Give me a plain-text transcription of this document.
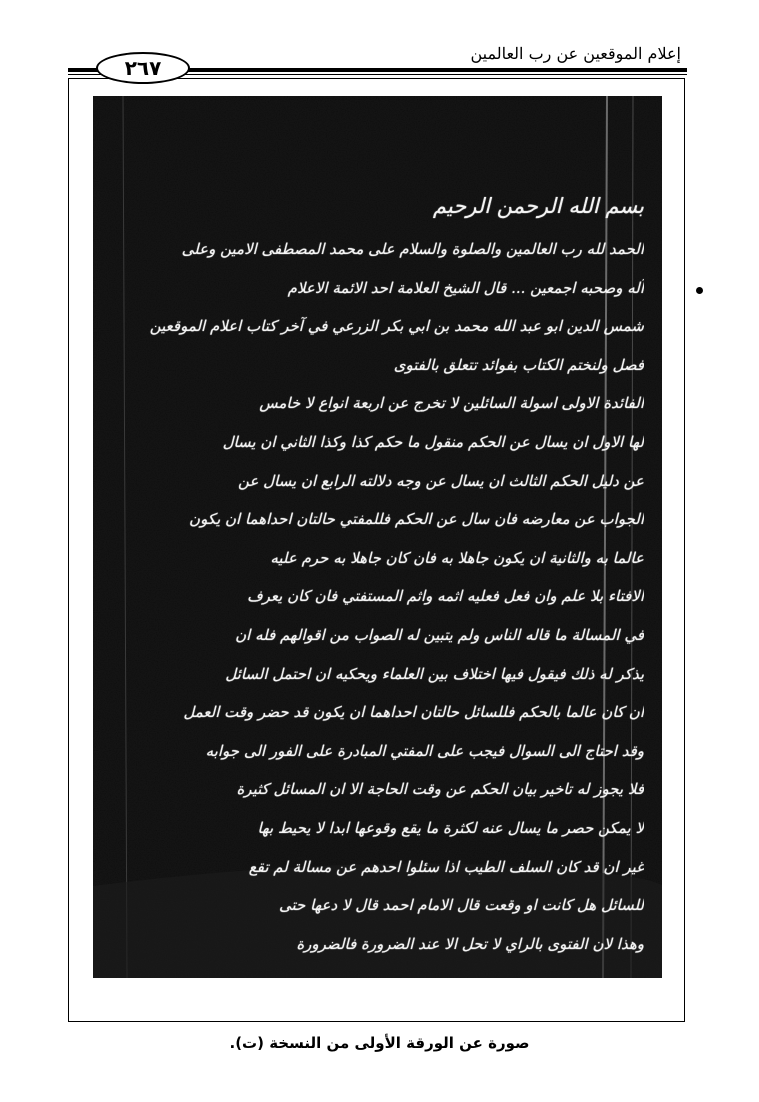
إعلام الموقعين عن رب العالمين
٢٦٧
بسم الله الرحمن الرحيم
الحمد لله رب العالمين والصلوة والسلام على محمد المصطفى الامين وعلى
آله وصحبه اجمعين ... قال الشيخ العلامة احد الائمة الاعلام
شمس الدين ابو عبد الله محمد بن ابي بكر الزرعي في آخر كتاب اعلام الموقعين
فصل ولنختم الكتاب بفوائد تتعلق بالفتوى
الفائدة الاولى اسولة السائلين لا تخرج عن اربعة انواع لا خامس
لها الاول ان يسال عن الحكم منقول ما حكم كذا وكذا الثاني ان يسال
عن دليل الحكم الثالث ان يسال عن وجه دلالته الرابع ان يسال عن
الجواب عن معارضه فان سال عن الحكم فللمفتي حالتان احداهما ان يكون
عالما به والثانية ان يكون جاهلا به فان كان جاهلا به حرم عليه
الافتاء بلا علم وان فعل فعليه اثمه واثم المستفتي فان كان يعرف
في المسالة ما قاله الناس ولم يتبين له الصواب من اقوالهم فله ان
يذكر له ذلك فيقول فيها اختلاف بين العلماء ويحكيه ان احتمل السائل
ان كان عالما بالحكم فللسائل حالتان احداهما ان يكون قد حضر وقت العمل
وقد احتاج الى السوال فيجب على المفتي المبادرة على الفور الى جوابه
فلا يجوز له تاخير بيان الحكم عن وقت الحاجة الا ان المسائل كثيرة
لا يمكن حصر ما يسال عنه لكثرة ما يقع وقوعها ابدا لا يحيط بها
غير ان قد كان السلف الطيب اذا سئلوا احدهم عن مسالة لم تقع
للسائل هل كانت او وقعت قال الامام احمد قال لا دعها حتى
وهذا لان الفتوى بالراي لا تحل الا عند الضرورة فالضرورة
صورة عن الورقة الأولى من النسخة (ت).
